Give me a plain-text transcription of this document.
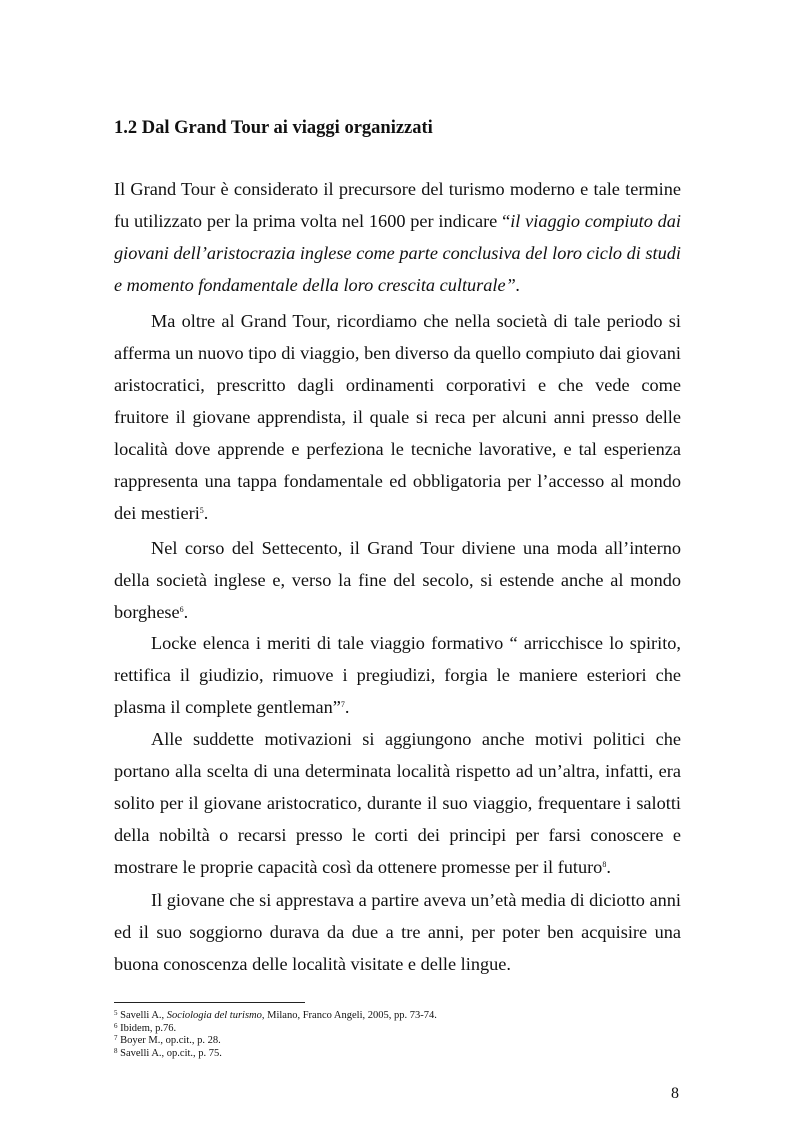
1.2 Dal Grand Tour ai viaggi organizzati

Il Grand Tour è considerato il precursore del turismo moderno e tale termine fu utilizzato per la prima volta nel 1600 per indicare “il viaggio compiuto dai giovani dell’aristocrazia inglese come parte conclusiva del loro ciclo di studi e momento fondamentale della loro crescita culturale”.

Ma oltre al Grand Tour, ricordiamo che nella società di tale periodo si afferma un nuovo tipo di viaggio, ben diverso da quello compiuto dai giovani aristocratici, prescritto dagli ordinamenti corporativi e che vede come fruitore il giovane apprendista, il quale si reca per alcuni anni presso delle località dove apprende e perfeziona le tecniche lavorative, e tal esperienza rappresenta una tappa fondamentale ed obbligatoria per l’accesso al mondo dei mestieri$^5$.

Nel corso del Settecento, il Grand Tour diviene una moda all’interno della società inglese e, verso la fine del secolo, si estende anche al mondo borghese$^6$.

Locke elenca i meriti di tale viaggio formativo “ arricchisce lo spirito, rettifica il giudizio, rimuove i pregiudizi, forgia le maniere esteriori che plasma il complete gentleman”$^7$.

Alle suddette motivazioni si aggiungono anche motivi politici che portano alla scelta di una determinata località rispetto ad un’altra, infatti, era solito per il giovane aristocratico, durante il suo viaggio, frequentare i salotti della nobiltà o recarsi presso le corti dei principi per farsi conoscere e mostrare le proprie capacità così da ottenere promesse per il futuro$^8$.

Il giovane che si apprestava a partire aveva un’età media di diciotto anni ed il suo soggiorno durava da due a tre anni, per poter ben acquisire una buona conoscenza delle località visitate e delle lingue.

$^5$ Savelli A., Sociologia del turismo, Milano, Franco Angeli, 2005, pp. 73-74.
$^6$ Ibidem, p.76.
$^7$ Boyer M., op.cit., p. 28.
$^8$ Savelli A., op.cit., p. 75.
8
